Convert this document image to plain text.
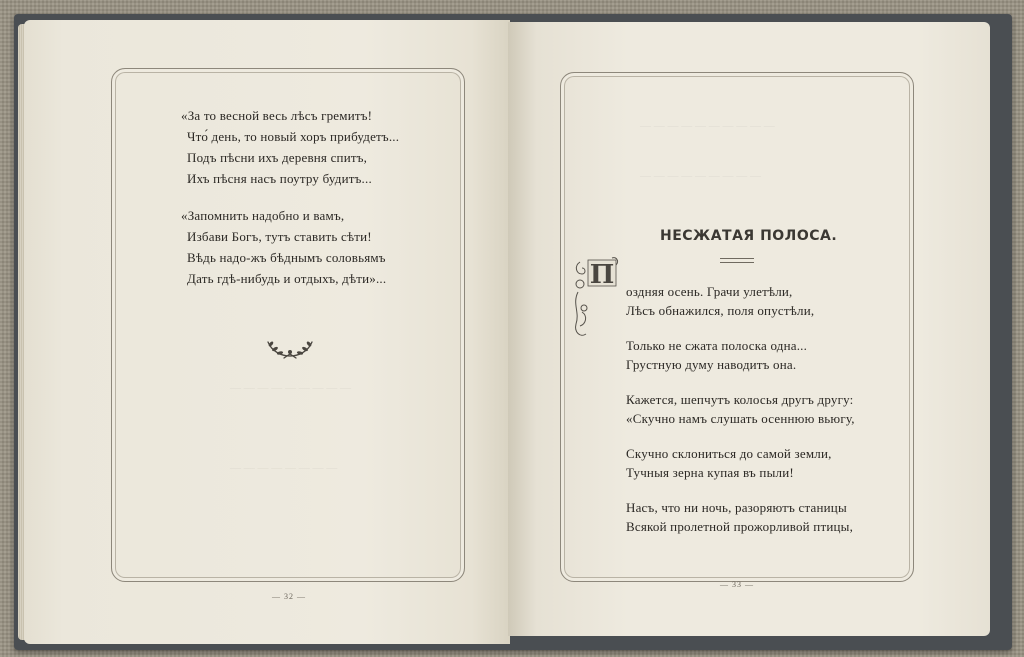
«За то весной весь лѣсъ гремитъ!
Что́ день, то новый хоръ прибудетъ...
Подъ пѣсни ихъ деревня спитъ,
Ихъ пѣсня насъ поутру будитъ...
«Запомнить надобно и вамъ,
Избави Богъ, тутъ ставить сѣти!
Вѣдь надо-жъ бѣднымъ соловьямъ
Дать гдѣ-нибудь и отдыхъ, дѣти»...
— 32 —
— — — — — — — — —
— — — — — — — —
— — — — — — — — — —
— — — — — — — — —
НЕСЖАТАЯ ПОЛОСА.
П
оздняя осень. Грачи улетѣли,
Лѣсъ обнажился, поля опустѣли,
Только не сжата полоска одна...
Грустную думу наводитъ она.
Кажется, шепчутъ колосья другъ другу:
«Скучно намъ слушать осеннюю вьюгу,
Скучно склониться до самой земли,
Тучныя зерна купая въ пыли!
Насъ, что ни ночь, разоряютъ станицы
Всякой пролетной прожорливой птицы,
— 33 —
